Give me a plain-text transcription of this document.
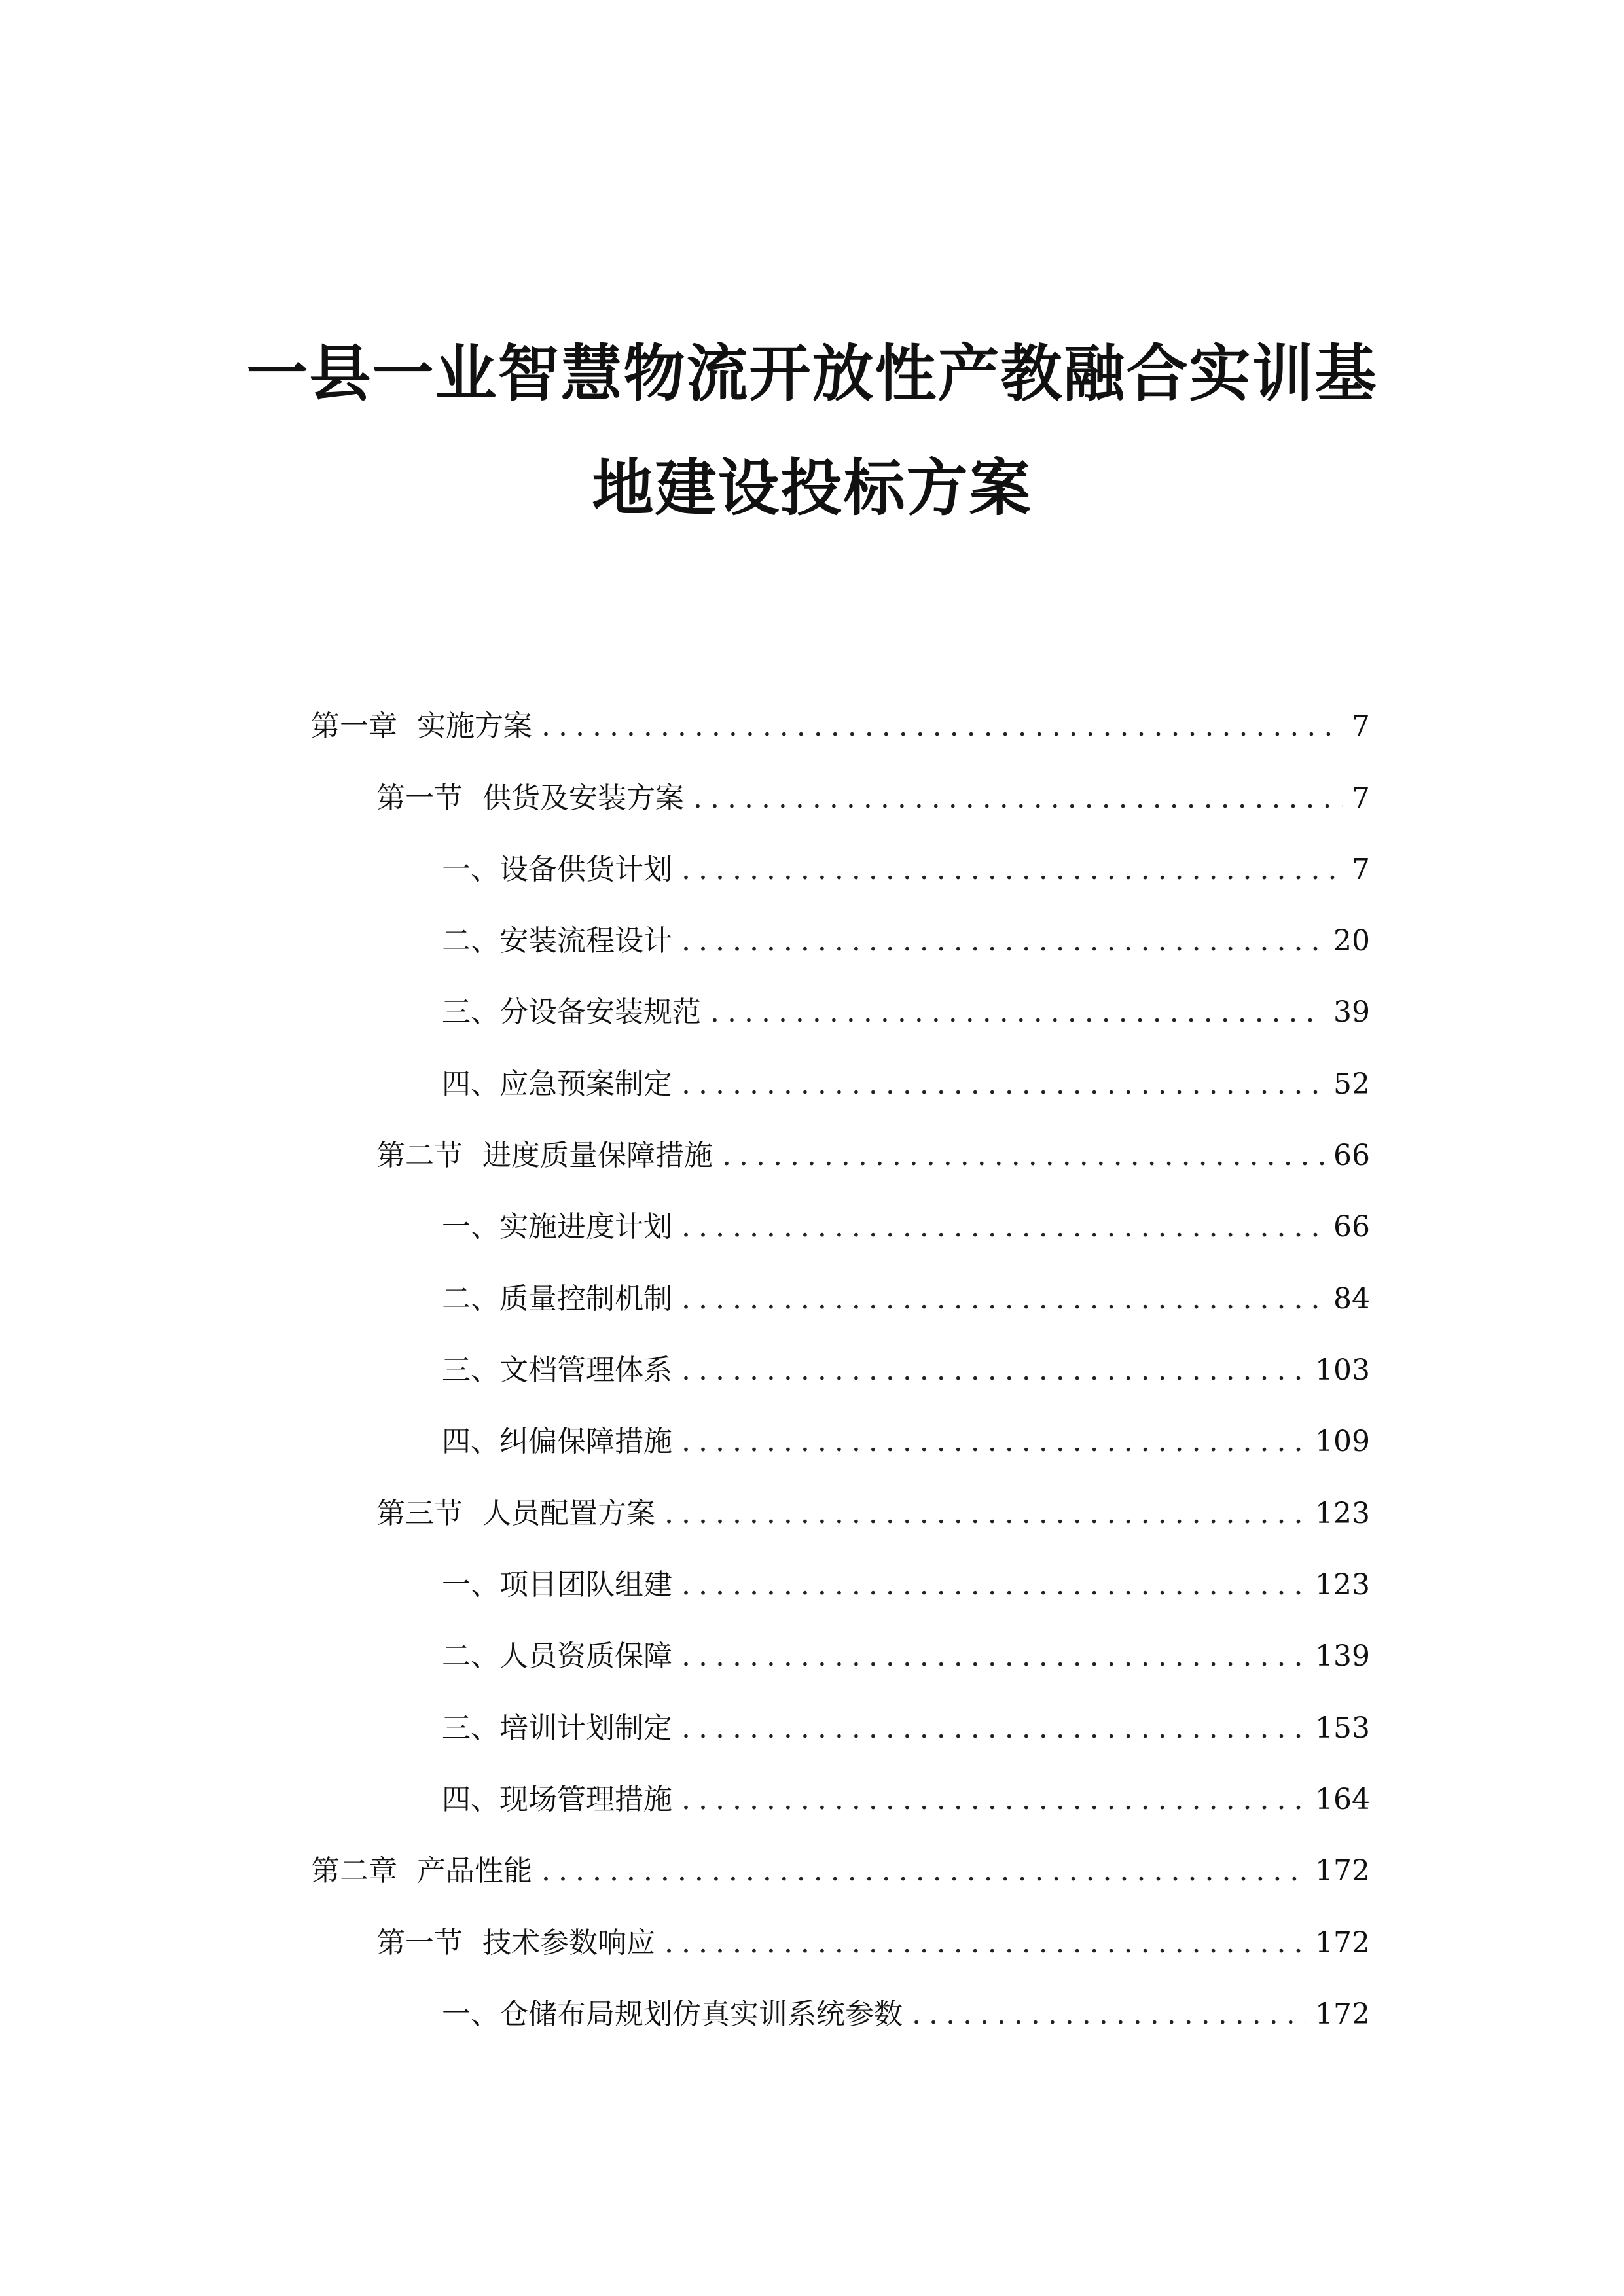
一县一业智慧物流开放性产教融合实训基
地建设投标方案
第一章 实施方案 .....	7
第一节 供货及安装方案 .....	7
一、 设备供货计划 .....	7
二、 安装流程设计 .....	20
三、 分设备安装规范 .....	39
四、 应急预案制定 .....	52
第二节 进度质量保障措施 .....	66
一、 实施进度计划 .....	66
二、 质量控制机制 .....	84
三、 文档管理体系 .....	103
四、 纠偏保障措施 .....	109
第三节 人员配置方案 .....	123
一、 项目团队组建 .....	123
二、 人员资质保障 .....	139
三、 培训计划制定 .....	153
四、 现场管理措施 .....	164
第二章 产品性能 .....	172
第一节 技术参数响应 .....	172
一、 仓储布局规划仿真实训系统参数 .....	172
